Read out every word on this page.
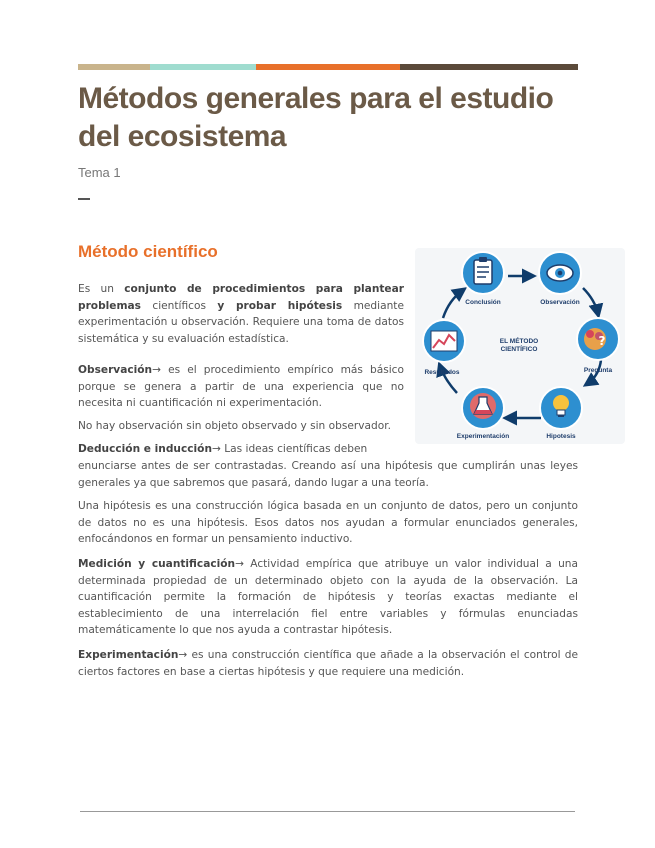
Métodos generales para el estudio del ecosistema
Tema 1
Método científico

Es un conjunto de procedimientos para plantear problemas científicos y probar hipótesis mediante experimentación u observación. Requiere una toma de datos sistemática y su evaluación estadística.

Observación→ es el procedimiento empírico más básico porque se genera a partir de una experiencia que no necesita ni cuantificación ni experimentación.

No hay observación sin objeto observado y sin observador.

Deducción e inducción→ Las ideas científicas deben

enunciarse antes de ser contrastadas. Creando así una hipótesis que cumplirán unas leyes generales ya que sabremos que pasará, dando lugar a una teoría.

Una hipótesis es una construcción lógica basada en un conjunto de datos, pero un conjunto de datos no es una hipótesis. Esos datos nos ayudan a formular enunciados generales, enfocándonos en formar un pensamiento inductivo.

Medición y cuantificación→ Actividad empírica que atribuye un valor individual a una determinada propiedad de un determinado objeto con la ayuda de la observación. La cuantificación permite la formación de hipótesis y teorías exactas mediante el establecimiento de una interrelación fiel entre variables y fórmulas enunciadas matemáticamente lo que nos ayuda a contrastar hipótesis.

Experimentación→ es una construcción científica que añade a la observación el control de ciertos factores en base a ciertas hipótesis y que requiere una medición.

Conclusión	Observación
?
Pregunta
Hipotesis
Experimentación
Resultados
EL MÉTODO
CIENTÍFICO
